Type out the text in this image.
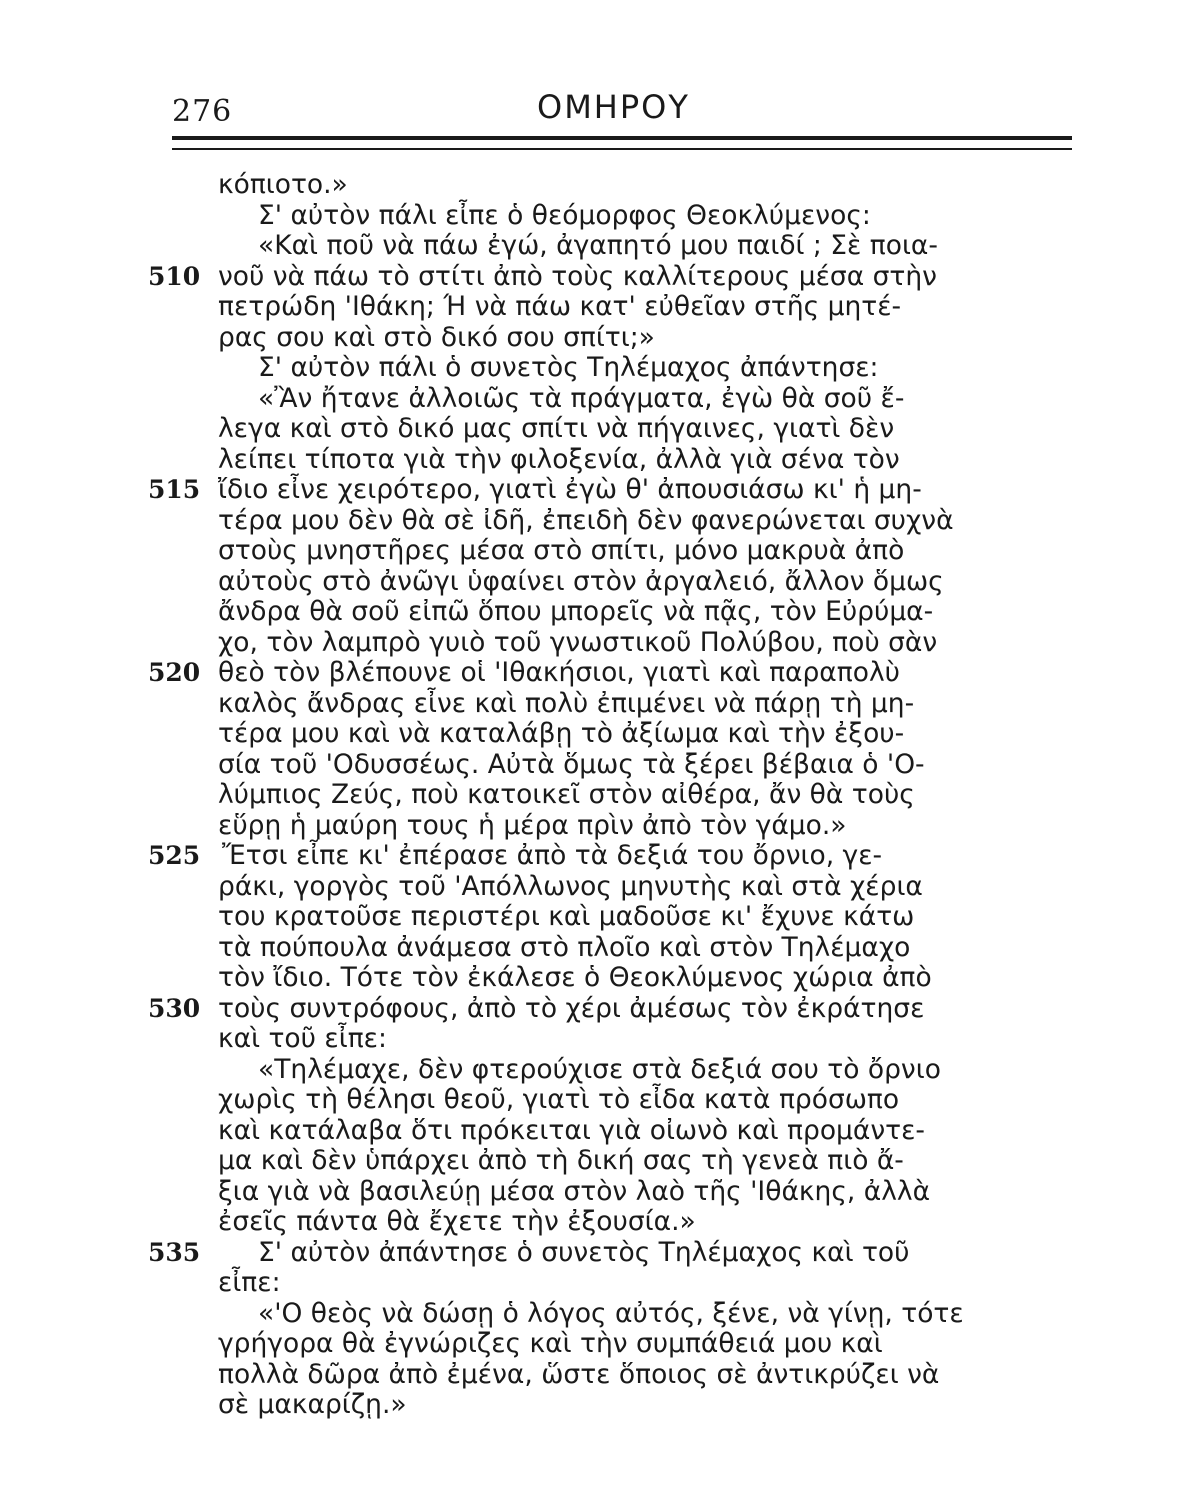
276	ΟΜΗΡΟΥ
κόπιοτο.»
Σ' αὐτὸν πάλι εἶπε ὁ θεόμορφος Θεοκλύμενος:
«Καὶ ποῦ νὰ πάω ἐγώ, ἀγαπητό μου παιδί ; Σὲ ποια-
510 νοῦ νὰ πάω τὸ στίτι ἀπὸ τοὺς καλλίτερους μέσα στὴν
πετρώδη 'Ιθάκη; Ή νὰ πάω κατ' εὐθεῖαν στῆς μητέ-
ρας σου καὶ στὸ δικό σου σπίτι;»
Σ' αὐτὸν πάλι ὁ συνετὸς Τηλέμαχος ἀπάντησε:
«Ἂν ἤτανε ἀλλοιῶς τὰ πράγματα, ἐγὼ θὰ σοῦ ἔ-
λεγα καὶ στὸ δικό μας σπίτι νὰ πήγαινες, γιατὶ δὲν
λείπει τίποτα γιὰ τὴν φιλοξενία, ἀλλὰ γιὰ σένα τὸν
515 ἴδιο εἶνε χειρότερο, γιατὶ ἐγὼ θ' ἀπουσιάσω κι' ἡ μη-
τέρα μου δὲν θὰ σὲ ἰδῆ, ἐπειδὴ δὲν φανερώνεται συχνὰ
στοὺς μνηστῆρες μέσα στὸ σπίτι, μόνο μακρυὰ ἀπὸ
αὐτοὺς στὸ ἀνῶγι ὑφαίνει στὸν ἀργαλειό, ἄλλον ὅμως
ἄνδρα θὰ σοῦ εἰπῶ ὅπου μπορεῖς νὰ πᾷς, τὸν Εὐρύμα-
χο, τὸν λαμπρὸ γυιὸ τοῦ γνωστικοῦ Πολύβου, ποὺ σὰν
520 θεὸ τὸν βλέπουνε οἱ 'Ιθακήσιοι, γιατὶ καὶ παραπολὺ
καλὸς ἄνδρας εἶνε καὶ πολὺ ἐπιμένει νὰ πάρῃ τὴ μη-
τέρα μου καὶ νὰ καταλάβῃ τὸ ἀξίωμα καὶ τὴν ἐξου-
σία τοῦ 'Οδυσσέως. Αὐτὰ ὅμως τὰ ξέρει βέβαια ὁ 'Ο-
λύμπιος Ζεύς, ποὺ κατοικεῖ στὸν αἰθέρα, ἄν θὰ τοὺς
εὕρῃ ἡ μαύρη τους ἡ μέρα πρὶν ἀπὸ τὸν γάμο.»
525 Ἔτσι εἶπε κι' ἐπέρασε ἀπὸ τὰ δεξιά του ὄρνιο, γε-
ράκι, γοργὸς τοῦ 'Απόλλωνος μηνυτὴς καὶ στὰ χέρια
του κρατοῦσε περιστέρι καὶ μαδοῦσε κι' ἔχυνε κάτω
τὰ πούπουλα ἀνάμεσα στὸ πλοῖο καὶ στὸν Τηλέμαχο
τὸν ἴδιο. Τότε τὸν ἐκάλεσε ὁ Θεοκλύμενος χώρια ἀπὸ
530 τοὺς συντρόφους, ἀπὸ τὸ χέρι ἀμέσως τὸν ἐκράτησε
καὶ τοῦ εἶπε:
«Τηλέμαχε, δὲν φτερούχισε στὰ δεξιά σου τὸ ὄρνιο
χωρὶς τὴ θέλησι θεοῦ, γιατὶ τὸ εἶδα κατὰ πρόσωπο
καὶ κατάλαβα ὅτι πρόκειται γιὰ οἰωνὸ καὶ προμάντε-
μα καὶ δὲν ὑπάρχει ἀπὸ τὴ δική σας τὴ γενεὰ πιὸ ἄ-
ξια γιὰ νὰ βασιλεύῃ μέσα στὸν λαὸ τῆς 'Ιθάκης, ἀλλὰ
ἐσεῖς πάντα θὰ ἔχετε τὴν ἐξουσία.»
535 Σ' αὐτὸν ἀπάντησε ὁ συνετὸς Τηλέμαχος καὶ τοῦ
εἶπε:
«'Ο θεὸς νὰ δώσῃ ὁ λόγος αὐτός, ξένε, νὰ γίνῃ, τότε
γρήγορα θὰ ἐγνώριζες καὶ τὴν συμπάθειά μου καὶ
πολλὰ δῶρα ἀπὸ ἐμένα, ὥστε ὅποιος σὲ ἀντικρύζει νὰ
σὲ μακαρίζῃ.»
